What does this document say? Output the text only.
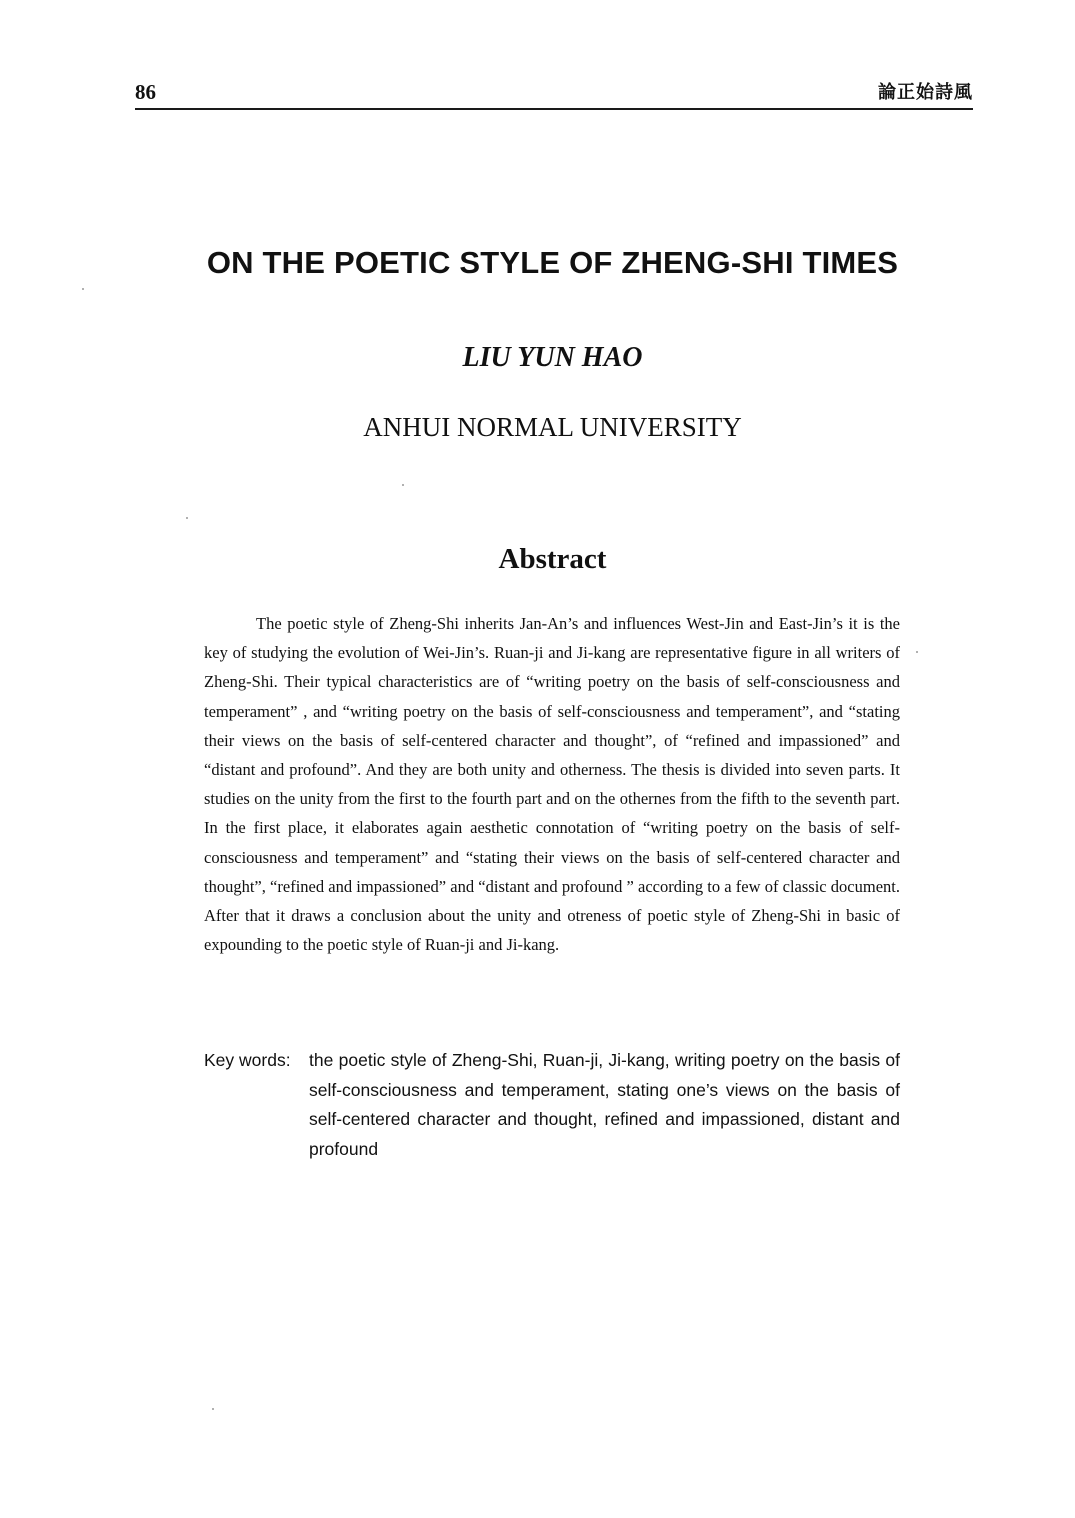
86	論正始詩風
ON THE POETIC STYLE OF ZHENG-SHI TIMES
LIU YUN HAO
ANHUI NORMAL UNIVERSITY
Abstract

The poetic style of Zheng-Shi inherits Jan-An’s and influences West-Jin and East-Jin’s it is the key of studying the evolution of Wei-Jin’s. Ruan-ji and Ji-kang are representative figure in all writers of Zheng-Shi. Their typical characteristics are of “writing poetry on the basis of self-consciousness and temperament” , and “writing poetry on the basis of self-consciousness and temperament”, and “stating their views on the basis of self-centered character and thought”, of “refined and impassioned” and “distant and profound”. And they are both unity and otherness. The thesis is divided into seven parts. It studies on the unity from the first to the fourth part and on the othernes from the fifth to the seventh part. In the first place, it elaborates again aesthetic connotation of “writing poetry on the basis of self-consciousness and temperament” and “stating their views on the basis of self-centered character and thought”, “refined and impassioned” and “distant and profound ” according to a few of classic document. After that it draws a conclusion about the unity and otreness of poetic style of Zheng-Shi in basic of expounding to the poetic style of Ruan-ji and Ji-kang.

Key words: the poetic style of Zheng-Shi, Ruan-ji, Ji-kang, writing poetry on the basis of self-consciousness and temperament, stating one’s views on the basis of self-centered character and thought, refined and impassioned, distant and profound
